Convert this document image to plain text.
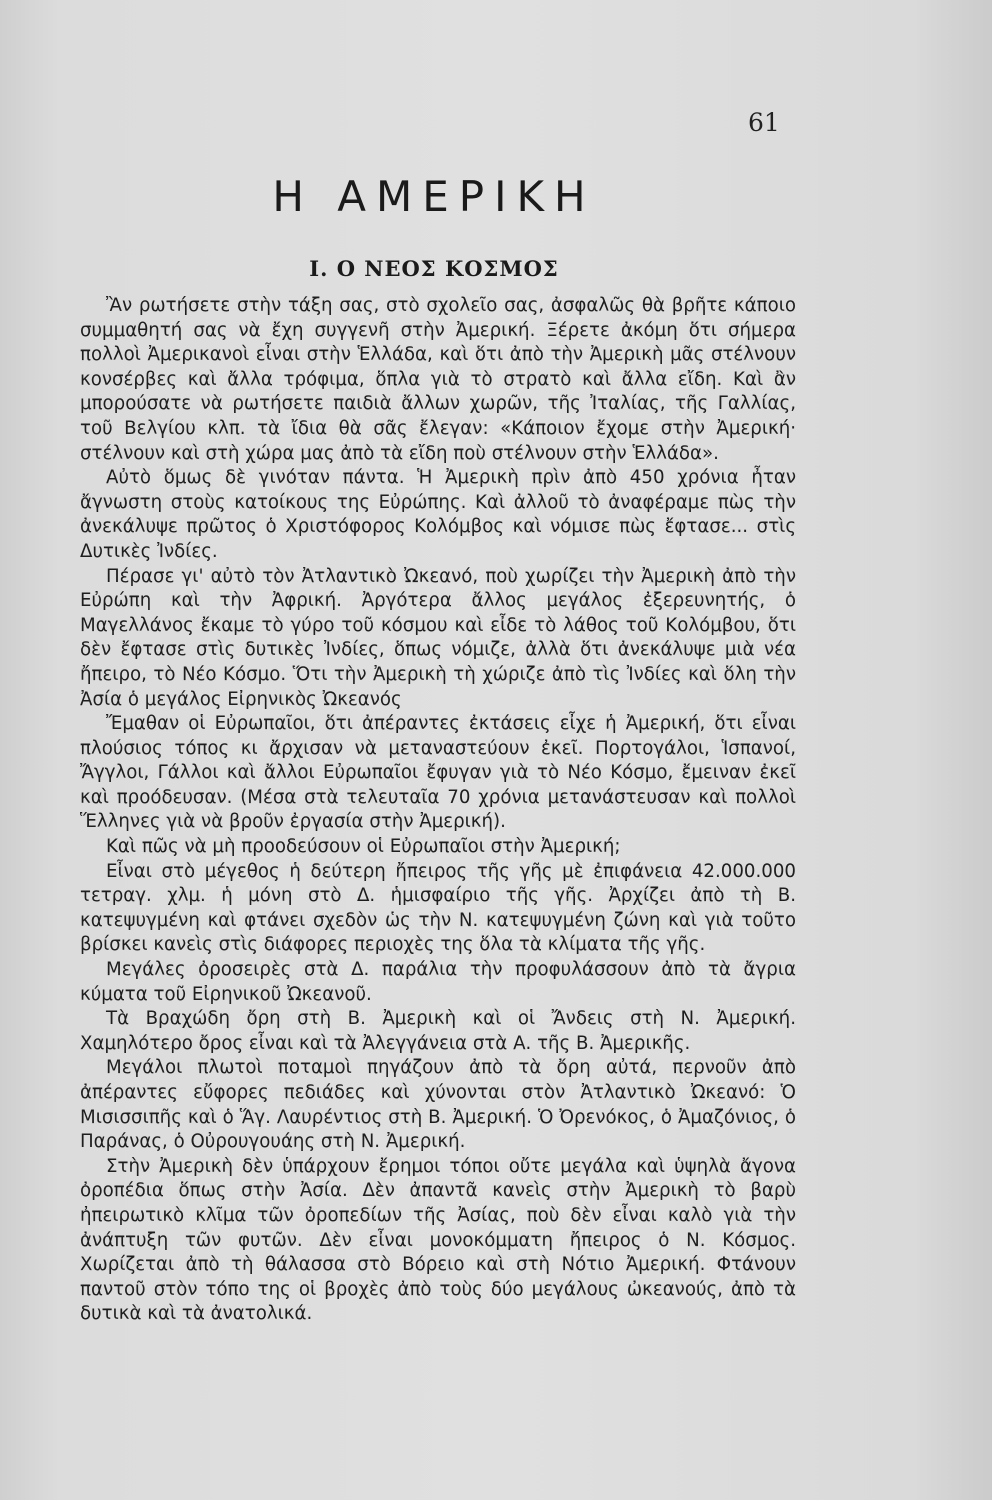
61
Η ΑΜΕΡΙΚΗ
Ι. Ο ΝΕΟΣ ΚΟΣΜΟΣ

Ἂν ρωτήσετε στὴν τάξη σας, στὸ σχολεῖο σας, ἀσφαλῶς θὰ βρῆτε κάποιο συμμαθητή σας νὰ ἔχη συγγενῆ στὴν Ἀμερική. Ξέρετε ἀκόμη ὅτι σήμερα πολλοὶ Ἀμερικανοὶ εἶναι στὴν Ἑλλάδα, καὶ ὅτι ἀπὸ τὴν Ἀμερικὴ μᾶς στέλνουν κονσέρβες καὶ ἄλλα τρόφιμα, ὅπλα γιὰ τὸ στρατὸ καὶ ἄλλα εἴδη. Καὶ ἂν μπορούσατε νὰ ρωτήσετε παιδιὰ ἄλλων χωρῶν, τῆς Ἰταλίας, τῆς Γαλλίας, τοῦ Βελγίου κλπ. τὰ ἴδια θὰ σᾶς ἔλεγαν: «Κάποιον ἔχομε στὴν Ἀμερική· στέλνουν καὶ στὴ χώρα μας ἀπὸ τὰ εἴδη ποὺ στέλνουν στὴν Ἑλλάδα».

Αὐτὸ ὅμως δὲ γινόταν πάντα. Ἡ Ἀμερικὴ πρὶν ἀπὸ 450 χρόνια ἦταν ἄγνωστη στοὺς κατοίκους της Εὐρώπης. Καὶ ἀλλοῦ τὸ ἀναφέραμε πὼς τὴν ἀνεκάλυψε πρῶτος ὁ Χριστόφορος Κολόμβος καὶ νόμισε πὼς ἔφτασε... στὶς Δυτικὲς Ἰνδίες.

Πέρασε γι' αὐτὸ τὸν Ἀτλαντικὸ Ὠκεανό, ποὺ χωρίζει τὴν Ἀμερικὴ ἀπὸ τὴν Εὐρώπη καὶ τὴν Ἀφρική. Ἀργότερα ἄλλος μεγάλος ἐξερευνητής, ὁ Μαγελλάνος ἔκαμε τὸ γύρο τοῦ κόσμου καὶ εἶδε τὸ λάθος τοῦ Κολόμβου, ὅτι δὲν ἔφτασε στὶς δυτικὲς Ἰνδίες, ὅπως νόμιζε, ἀλλὰ ὅτι ἀνεκάλυψε μιὰ νέα ἤπειρο, τὸ Νέο Κόσμο. Ὅτι τὴν Ἀμερικὴ τὴ χώριζε ἀπὸ τὶς Ἰνδίες καὶ ὅλη τὴν Ἀσία ὁ μεγάλος Εἰρηνικὸς Ὠκεανός

Ἔμαθαν οἱ Εὐρωπαῖοι, ὅτι ἀπέραντες ἐκτάσεις εἶχε ἡ Ἀμερική, ὅτι εἶναι πλούσιος τόπος κι ἄρχισαν νὰ μεταναστεύουν ἐκεῖ. Πορτογάλοι, Ἱσπανοί, Ἄγγλοι, Γάλλοι καὶ ἄλλοι Εὐρωπαῖοι ἔφυγαν γιὰ τὸ Νέο Κόσμο, ἔμειναν ἐκεῖ καὶ προόδευσαν. (Μέσα στὰ τελευταῖα 70 χρόνια μετανάστευσαν καὶ πολλοὶ Ἕλληνες γιὰ νὰ βροῦν ἐργασία στὴν Ἀμερική).

Καὶ πῶς νὰ μὴ προοδεύσουν οἱ Εὐρωπαῖοι στὴν Ἀμερική;

Εἶναι στὸ μέγεθος ἡ δεύτερη ἤπειρος τῆς γῆς μὲ ἐπιφάνεια 42.000.000 τετραγ. χλμ. ἡ μόνη στὸ Δ. ἡμισφαίριο τῆς γῆς. Ἀρχίζει ἀπὸ τὴ Β. κατεψυγμένη καὶ φτάνει σχεδὸν ὡς τὴν Ν. κατεψυγμένη ζώνη καὶ γιὰ τοῦτο βρίσκει κανεὶς στὶς διάφορες περιοχὲς της ὅλα τὰ κλίματα τῆς γῆς.

Μεγάλες ὀροσειρὲς στὰ Δ. παράλια τὴν προφυλάσσουν ἀπὸ τὰ ἄγρια κύματα τοῦ Εἰρηνικοῦ Ὠκεανοῦ.

Τὰ Βραχώδη ὄρη στὴ Β. Ἀμερικὴ καὶ οἱ Ἄνδεις στὴ Ν. Ἀμερική. Χαμηλότερο ὄρος εἶναι καὶ τὰ Ἀλεγγάνεια στὰ Α. τῆς Β. Ἀμερικῆς.

Μεγάλοι πλωτοὶ ποταμοὶ πηγάζουν ἀπὸ τὰ ὄρη αὐτά, περνοῦν ἀπὸ ἀπέραντες εὔφορες πεδιάδες καὶ χύνονται στὸν Ἀτλαντικὸ Ὠκεανό: Ὁ Μισισσιπῆς καὶ ὁ Ἅγ. Λαυρέντιος στὴ Β. Ἀμερική. Ὁ Ὀρενόκος, ὁ Ἀμαζόνιος, ὁ Παράνας, ὁ Οὐρουγουάης στὴ Ν. Ἀμερική.

Στὴν Ἀμερικὴ δὲν ὑπάρχουν ἔρημοι τόποι οὔτε μεγάλα καὶ ὑψηλὰ ἄγονα ὀροπέδια ὅπως στὴν Ἀσία. Δὲν ἀπαντᾶ κανεὶς στὴν Ἀμερικὴ τὸ βαρὺ ἠπειρωτικὸ κλῖμα τῶν ὀροπεδίων τῆς Ἀσίας, ποὺ δὲν εἶναι καλὸ γιὰ τὴν ἀνάπτυξη τῶν φυτῶν. Δὲν εἶναι μονοκόμματη ἤπειρος ὁ Ν. Κόσμος. Χωρίζεται ἀπὸ τὴ θάλασσα στὸ Βόρειο καὶ στὴ Νότιο Ἀμερική. Φτάνουν παντοῦ στὸν τόπο της οἱ βροχὲς ἀπὸ τοὺς δύο μεγάλους ὠκεανούς, ἀπὸ τὰ δυτικὰ καὶ τὰ ἀνατολικά.
